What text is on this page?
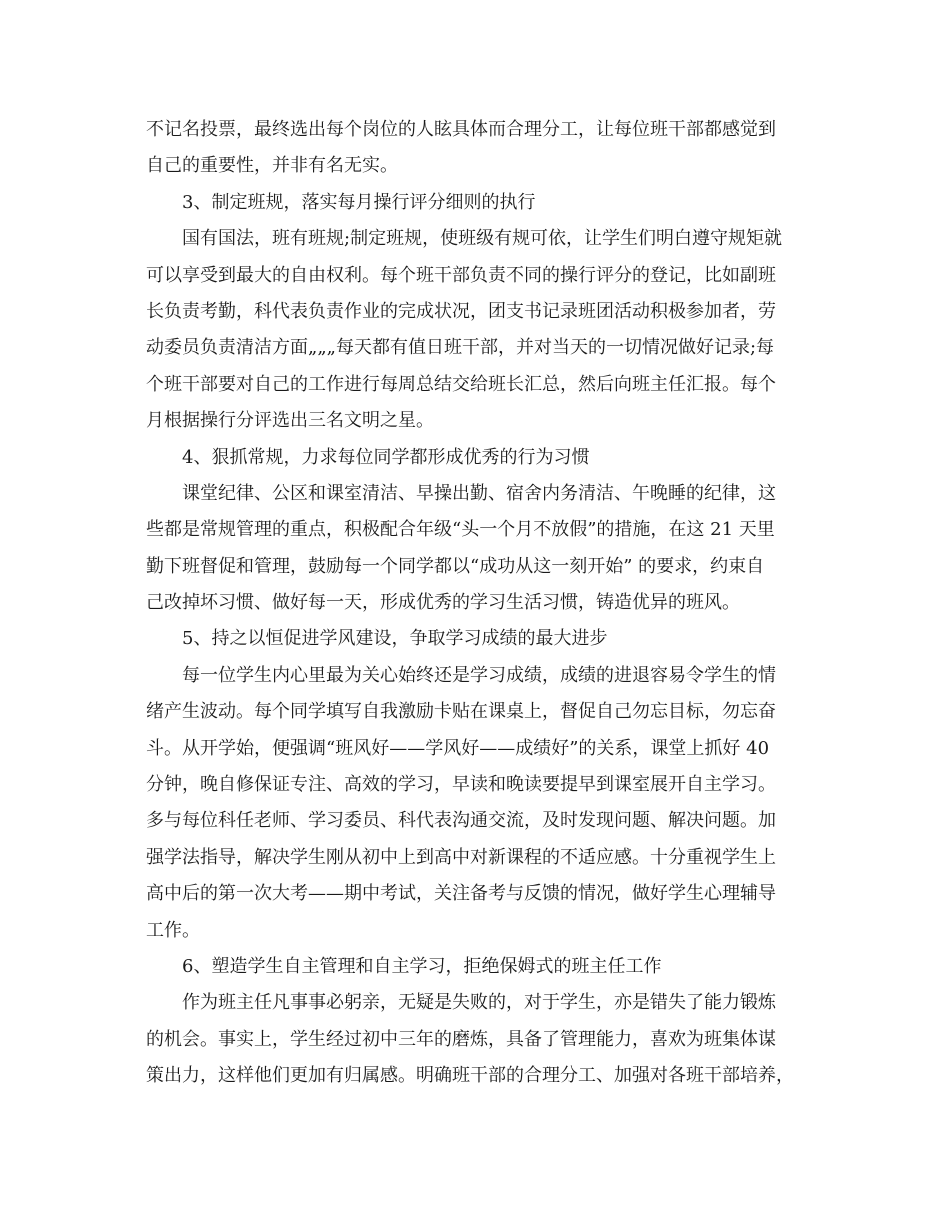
不记名投票，最终选出每个岗位的人眩具体而合理分工，让每位班干部都感觉到
自己的重要性，并非有名无实。
3、制定班规，落实每月操行评分细则的执行
国有国法，班有班规;制定班规，使班级有规可依，让学生们明白遵守规矩就
可以享受到最大的自由权利。每个班干部负责不同的操行评分的登记，比如副班
长负责考勤，科代表负责作业的完成状况，团支书记录班团活动积极参加者，劳
动委员负责清洁方面„„„每天都有值日班干部，并对当天的一切情况做好记录;每
个班干部要对自己的工作进行每周总结交给班长汇总，然后向班主任汇报。每个
月根据操行分评选出三名文明之星。
4、狠抓常规，力求每位同学都形成优秀的行为习惯
课堂纪律、公区和课室清洁、早操出勤、宿舍内务清洁、午晚睡的纪律，这
些都是常规管理的重点，积极配合年级“头一个月不放假”的措施，在这 21 天里
勤下班督促和管理，鼓励每一个同学都以“成功从这一刻开始” 的要求，约束自
己改掉坏习惯、做好每一天，形成优秀的学习生活习惯，铸造优异的班风。
5、持之以恒促进学风建设，争取学习成绩的最大进步
每一位学生内心里最为关心始终还是学习成绩，成绩的进退容易令学生的情
绪产生波动。每个同学填写自我激励卡贴在课桌上，督促自己勿忘目标，勿忘奋
斗。从开学始，便强调“班风好——学风好——成绩好”的关系，课堂上抓好 40
分钟，晚自修保证专注、高效的学习，早读和晚读要提早到课室展开自主学习。
多与每位科任老师、学习委员、科代表沟通交流，及时发现问题、解决问题。加
强学法指导，解决学生刚从初中上到高中对新课程的不适应感。十分重视学生上
高中后的第一次大考——期中考试，关注备考与反馈的情况，做好学生心理辅导
工作。
6、塑造学生自主管理和自主学习，拒绝保姆式的班主任工作
作为班主任凡事事必躬亲，无疑是失败的，对于学生，亦是错失了能力锻炼
的机会。事实上，学生经过初中三年的磨炼，具备了管理能力，喜欢为班集体谋
策出力，这样他们更加有归属感。明确班干部的合理分工、加强对各班干部培养，
